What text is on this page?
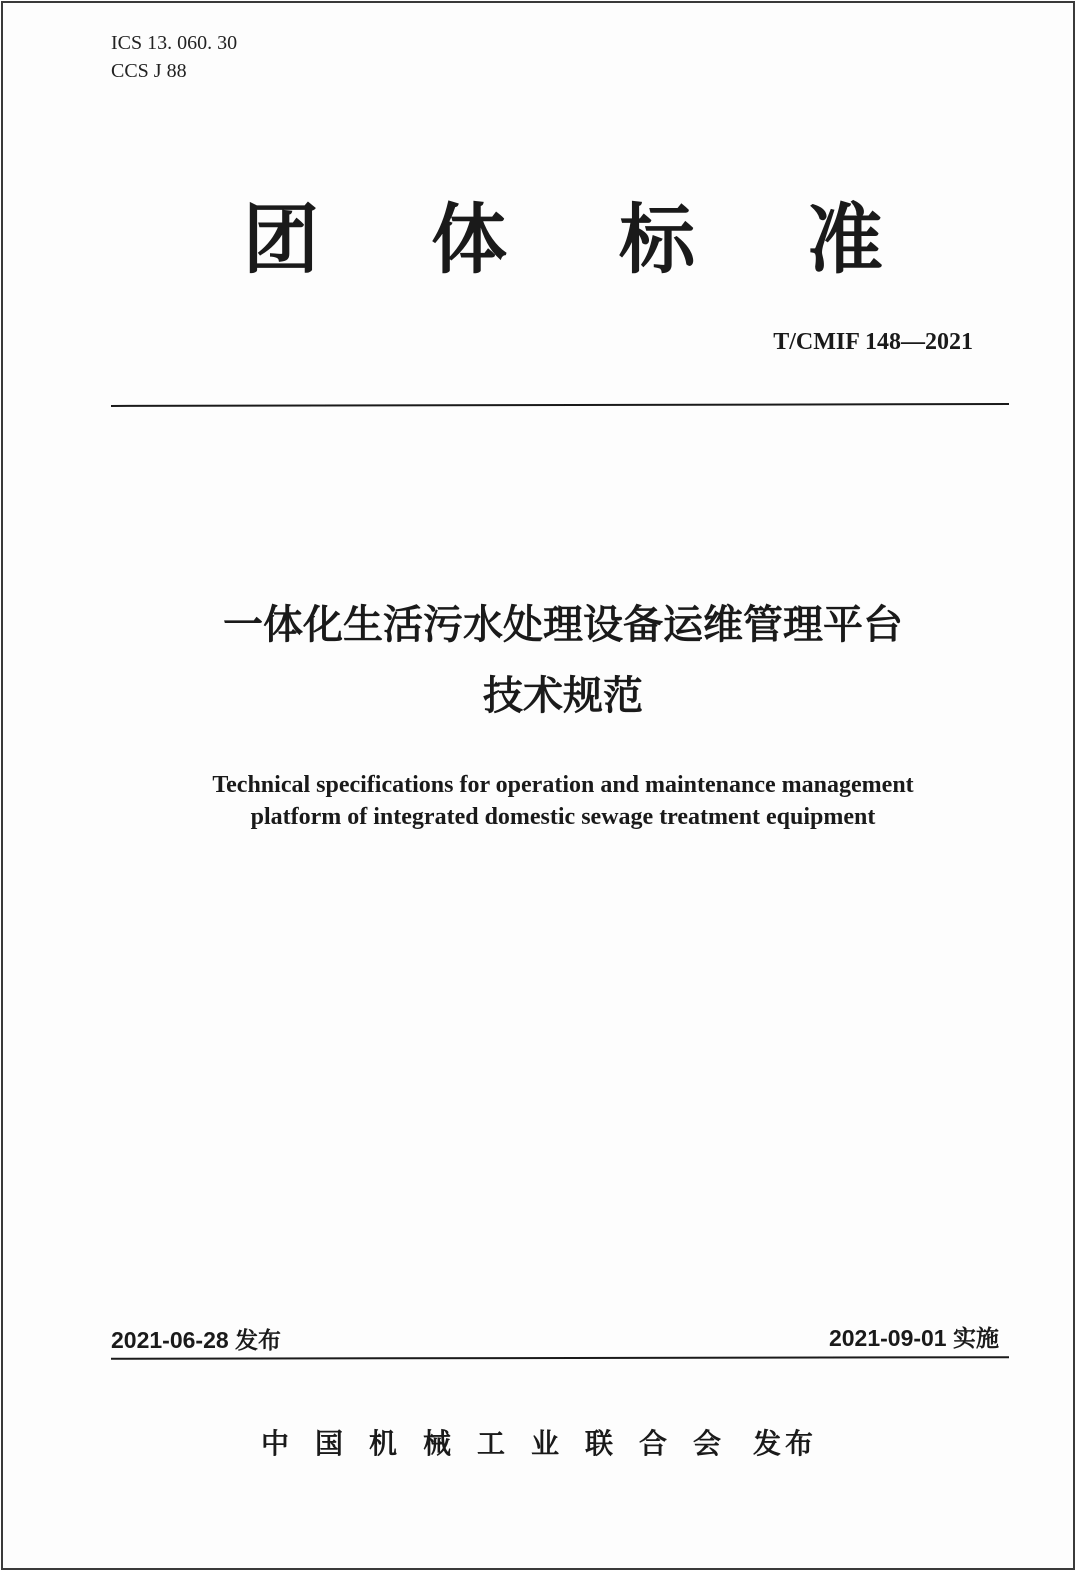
ICS 13. 060. 30
CCS J 88
团 体 标 准
T/CMIF 148—2021
一体化生活污水处理设备运维管理平台
技术规范
Technical specifications for operation and maintenance management
platform of integrated domestic sewage treatment equipment
2021-06-28 发布	2021-09-01 实施
中国机械工业联合会 发布
